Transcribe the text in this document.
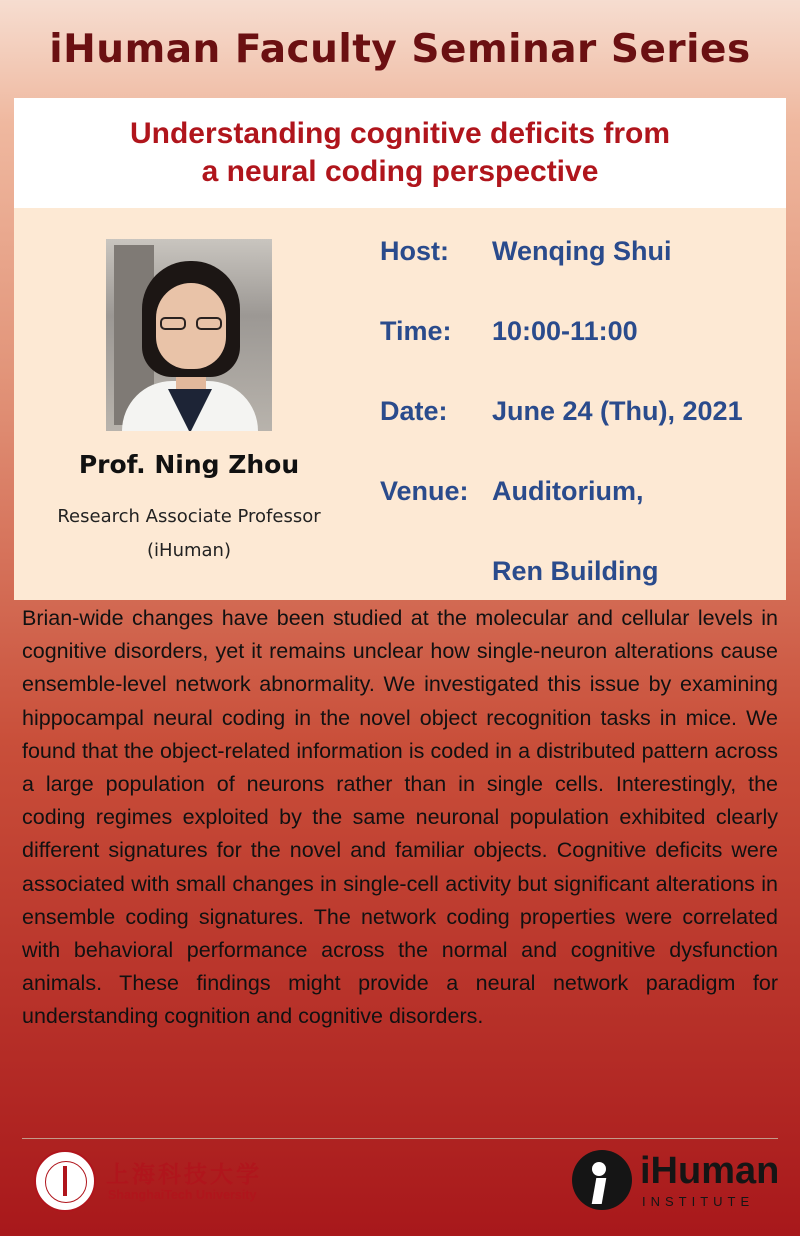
iHuman Faculty Seminar Series
Understanding cognitive deficits from
a neural coding perspective
Prof. Ning Zhou
Research Associate Professor
(iHuman)
Host: Wenqing Shui
Time: 10:00-11:00
Date: June 24 (Thu), 2021
Venue: Auditorium,
Ren Building
Brian-wide changes have been studied at the molecular and cellular levels in cognitive disorders, yet it remains unclear how single-neuron alterations cause ensemble-level network abnormality. We investigated this issue by examining hippocampal neural coding in the novel object recognition tasks in mice. We found that the object-related information is coded in a distributed pattern across a large population of neurons rather than in single cells. Interestingly, the coding regimes exploited by the same neuronal population exhibited clearly different signatures for the novel and familiar objects. Cognitive deficits were associated with small changes in single-cell activity but significant alterations in ensemble coding signatures. The network coding properties were correlated with behavioral performance across the normal and cognitive dysfunction animals. These findings might provide a neural network paradigm for understanding cognition and cognitive disorders.
上海科技大学
ShanghaiTech University
iHuman
INSTITUTE
